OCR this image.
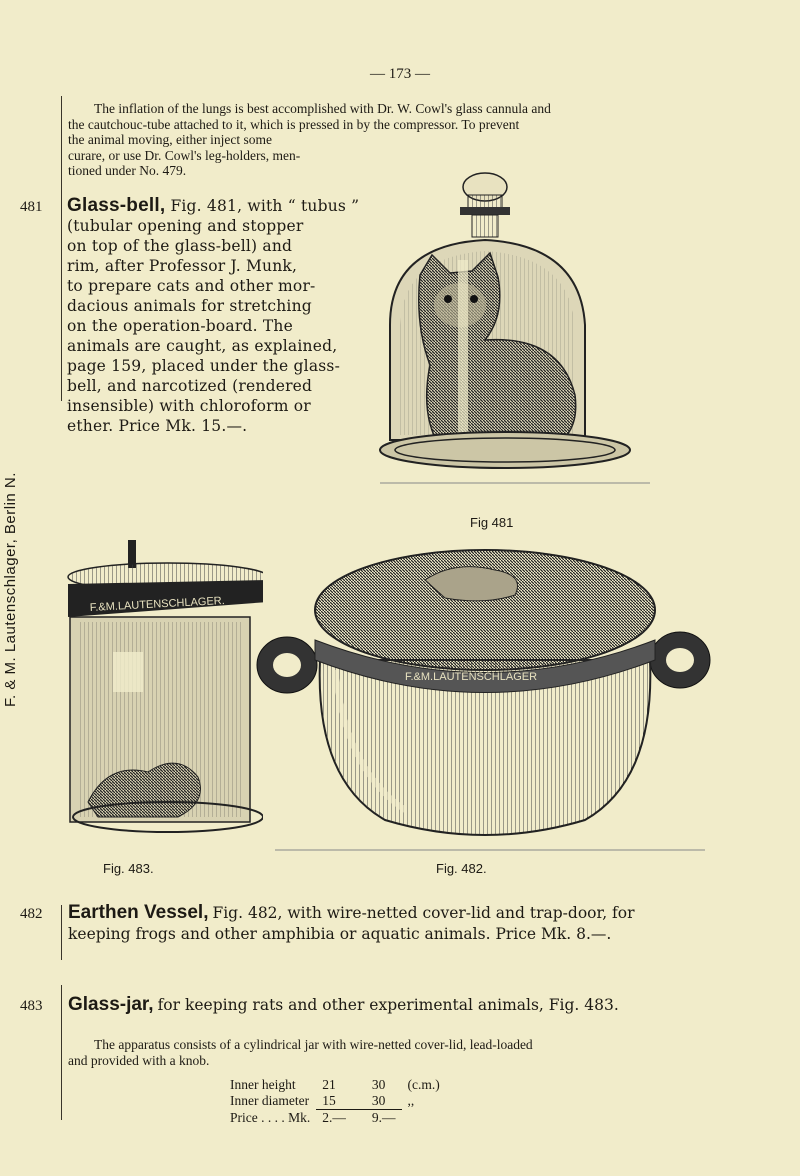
— 173 —
F. & M. Lautenschlager, Berlin N.
The inflation of the lungs is best accomplished with Dr. W. Cowl's glass cannula and
the cautchouc-tube attached to it, which is pressed in by the compressor. To prevent
the animal moving, either inject some
curare, or use Dr. Cowl's leg-holders, men-
tioned under No. 479.
481 Glass-bell, Fig. 481, with “ tubus ”
(tubular opening and stopper
on top of the glass-bell) and
rim, after Professor J. Munk,
to prepare cats and other mor-
dacious animals for stretching
on the operation-board. The
animals are caught, as explained,
page 159, placed under the glass-
bell, and narcotized (rendered
insensible) with chloroform or
ether. Price Mk. 15.—.
Fig 481
F.&M.LAUTENSCHLAGER.
Fig. 483.
F.&M.LAUTENSCHLAGER
Fig. 482.
482 Earthen Vessel, Fig. 482, with wire-netted cover-lid and trap-door, for
keeping frogs and other amphibia or aquatic animals. Price Mk. 8.—.
483 Glass-jar, for keeping rats and other experimental animals, Fig. 483.
The apparatus consists of a cylindrical jar with wire-netted cover-lid, lead-loaded
and provided with a knob.
Inner height	21	30	(c.m.)
Inner diameter	15	30	,,
Price . . . . Mk.	2.—	9.—	
